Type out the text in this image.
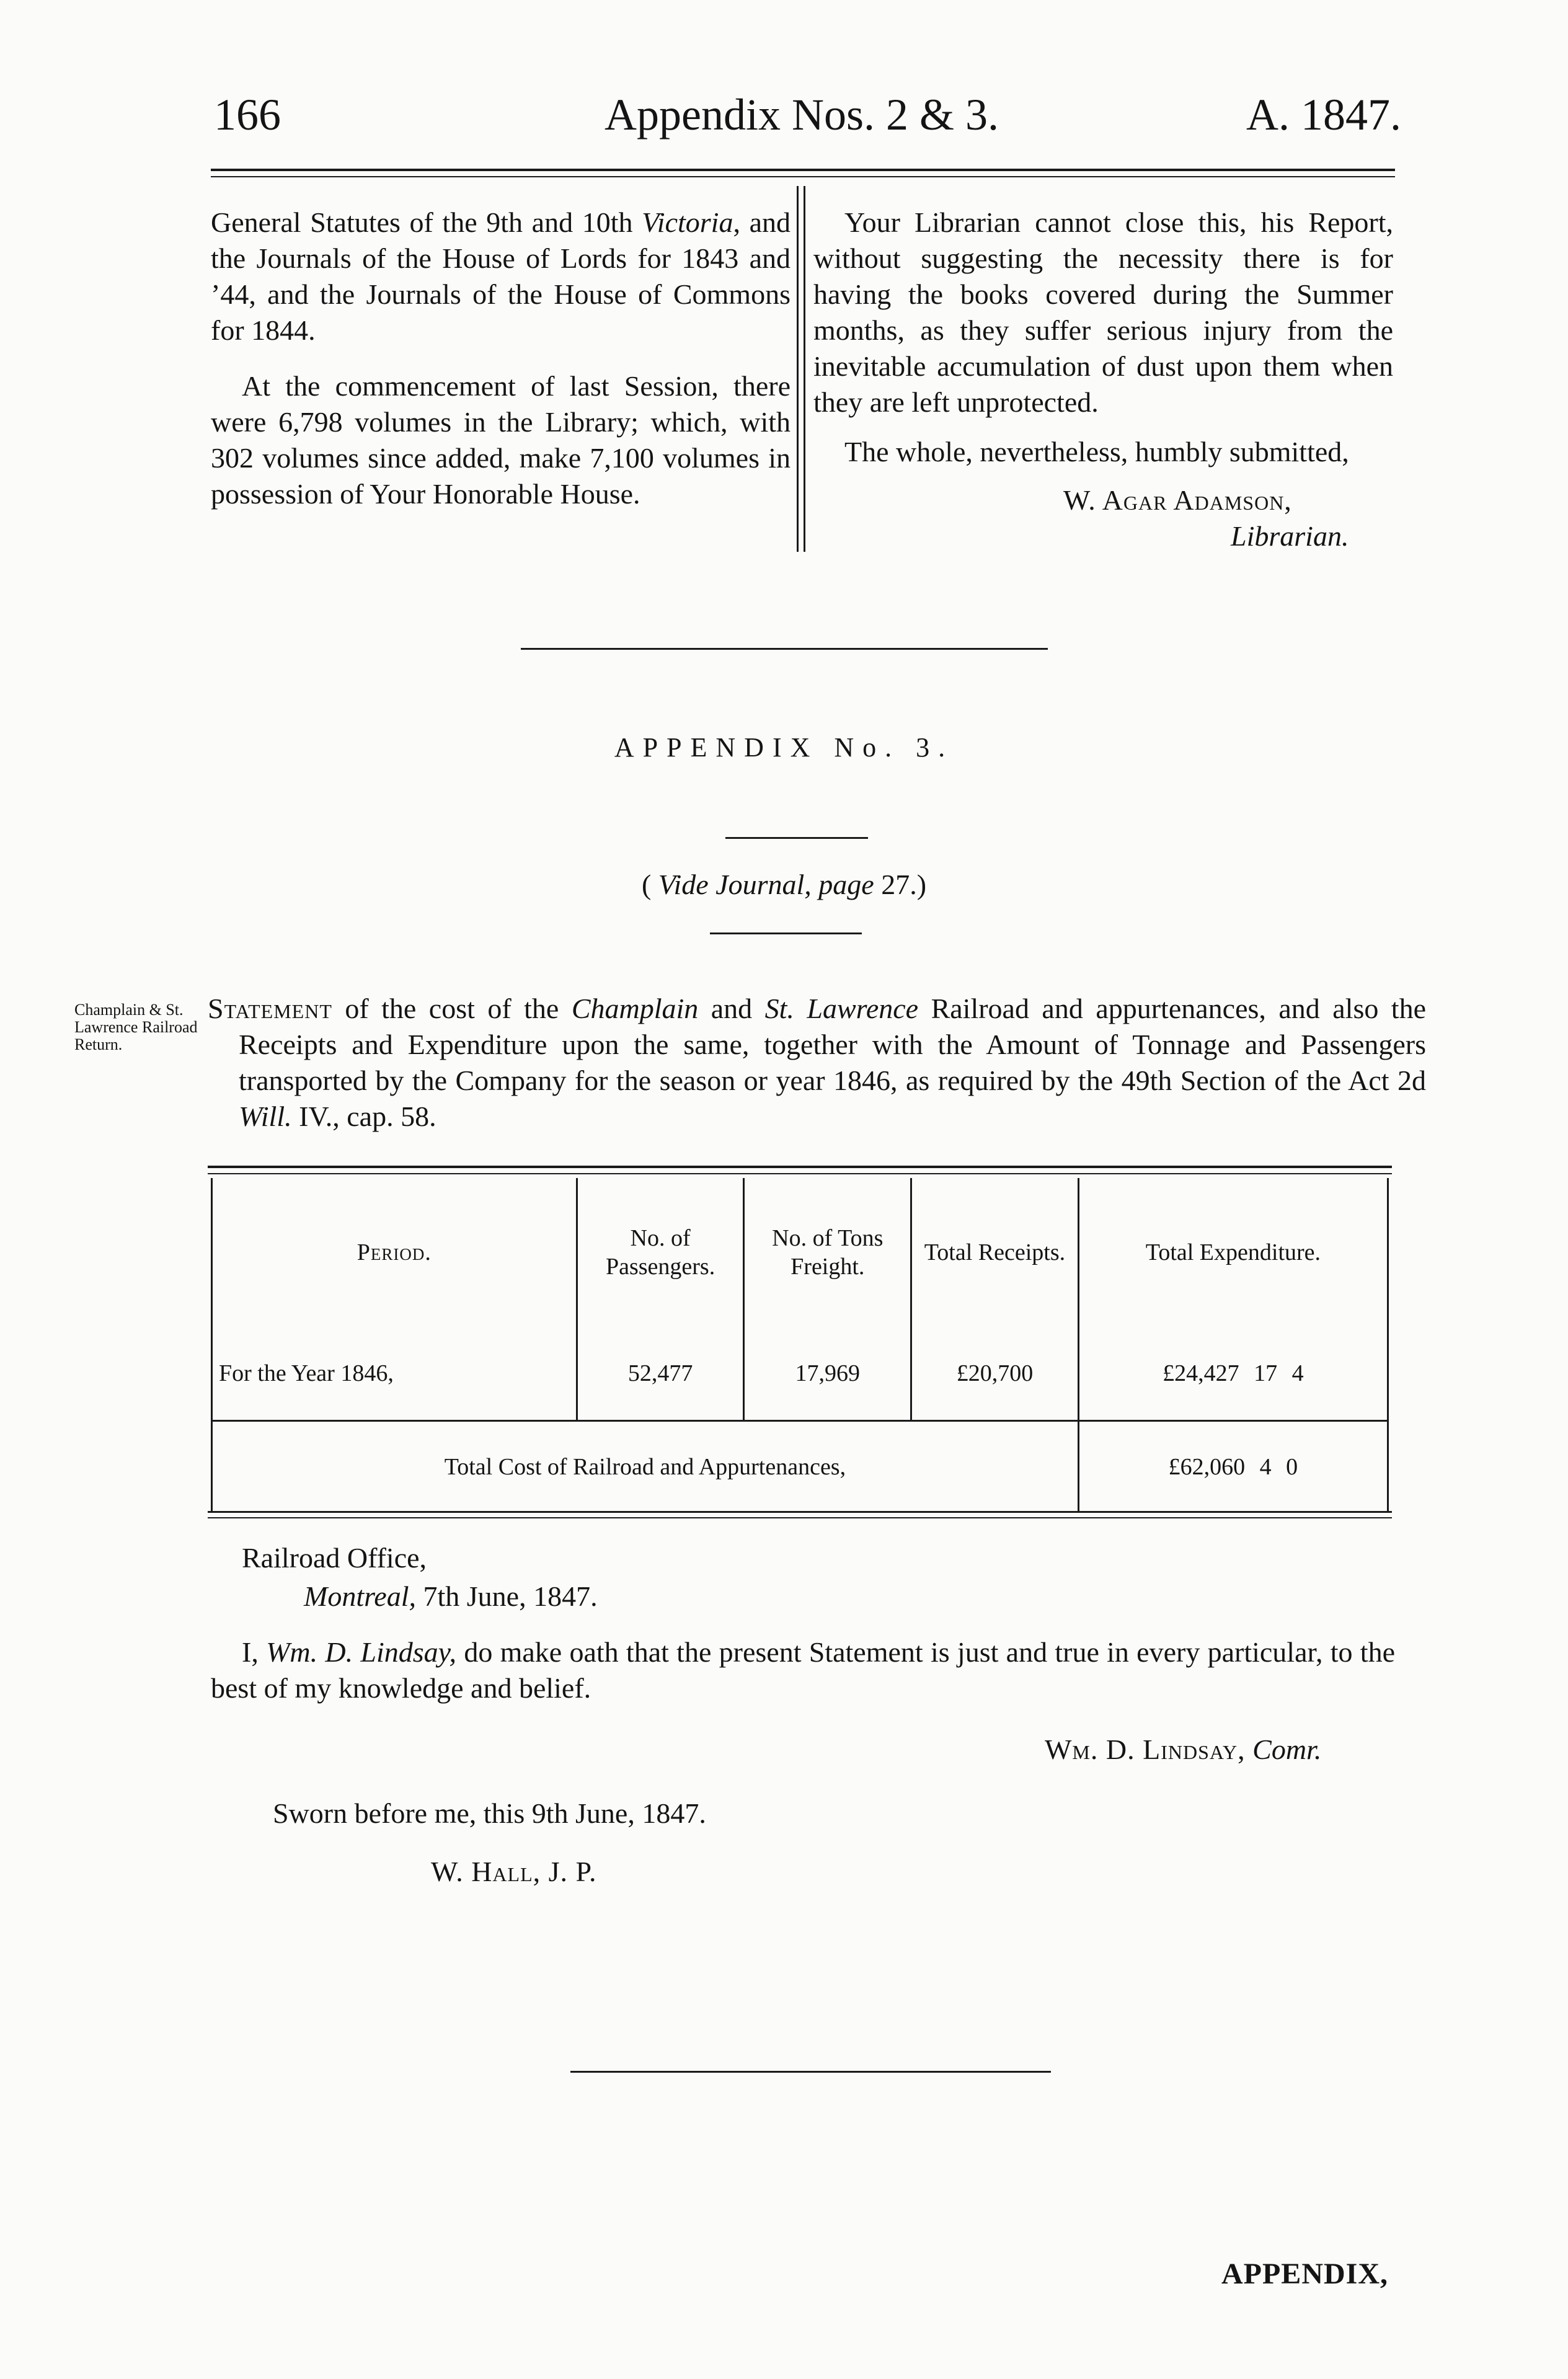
166	Appendix Nos. 2 & 3.	A. 1847.

General Statutes of the 9th and 10th Victoria, and the Journals of the House of Lords for 1843 and ’44, and the Journals of the House of Commons for 1844.

At the commencement of last Session, there were 6,798 volumes in the Library; which, with 302 volumes since added, make 7,100 volumes in possession of Your Honorable House.

Your Librarian cannot close this, his Report, without suggesting the necessity there is for having the books covered during the Summer months, as they suffer serious injury from the inevitable accumulation of dust upon them when they are left unprotected.

The whole, nevertheless, humbly submitted,

W. Agar Adamson,
Librarian.
APPENDIX No. 3.
( Vide Journal, page 27.)
Champlain & St. Lawrence Railroad Return.
Statement of the cost of the Champlain and St. Lawrence Railroad and appurtenances, and also the Receipts and Expenditure upon the same, together with the Amount of Tonnage and Passengers transported by the Company for the season or year 1846, as required by the 49th Section of the Act 2d Will. IV., cap. 58.
Period.	No. of Passengers.	No. of Tons Freight.	Total Receipts.	Total Expenditure.
For the Year 1846,	52,477	17,969	£20,700	£24,427 17 4
Total Cost of Railroad and Appurtenances,				£62,060 4 0
Railroad Office,
Montreal, 7th June, 1847.
I, Wm. D. Lindsay, do make oath that the present Statement is just and true in every particular, to the best of my knowledge and belief.
Wm. D. Lindsay, Comr.
Sworn before me, this 9th June, 1847.
W. Hall, J. P.
APPENDIX,
